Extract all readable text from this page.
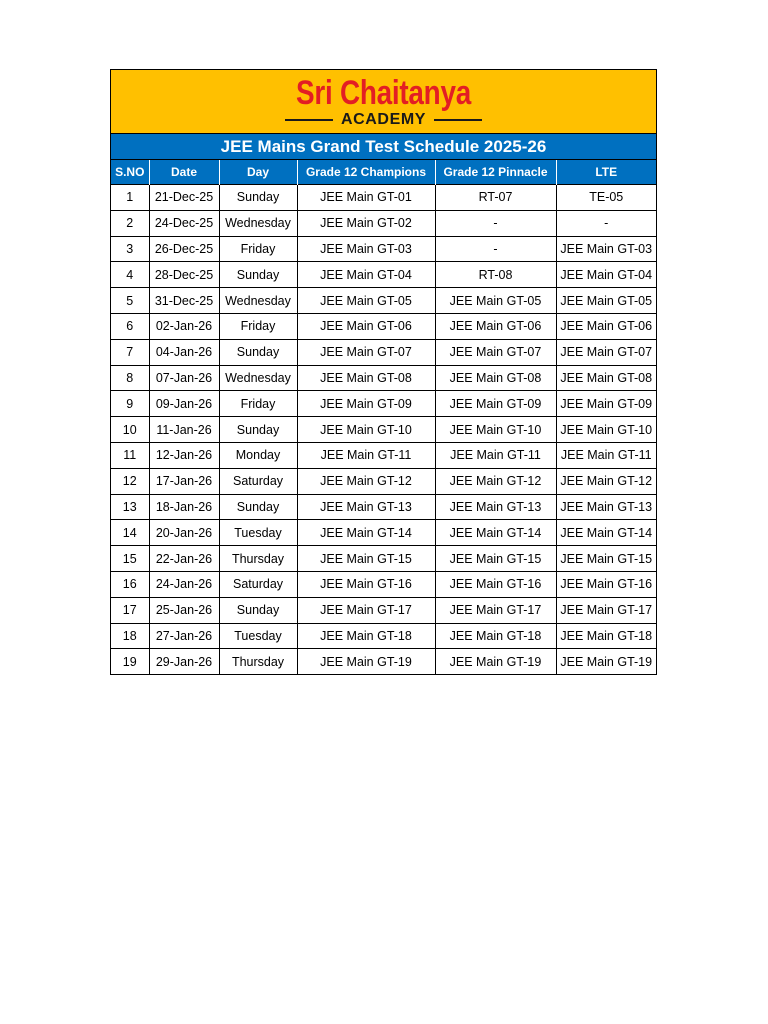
Sri Chaitanya
ACADEMY
JEE Mains Grand Test Schedule 2025-26
S.NO	Date	Day	Grade 12 Champions	Grade 12 Pinnacle	LTE
1	21-Dec-25	Sunday	JEE Main GT-01	RT-07	TE-05
2	24-Dec-25	Wednesday	JEE Main GT-02	-	-
3	26-Dec-25	Friday	JEE Main GT-03	-	JEE Main GT-03
4	28-Dec-25	Sunday	JEE Main GT-04	RT-08	JEE Main GT-04
5	31-Dec-25	Wednesday	JEE Main GT-05	JEE Main GT-05	JEE Main GT-05
6	02-Jan-26	Friday	JEE Main GT-06	JEE Main GT-06	JEE Main GT-06
7	04-Jan-26	Sunday	JEE Main GT-07	JEE Main GT-07	JEE Main GT-07
8	07-Jan-26	Wednesday	JEE Main GT-08	JEE Main GT-08	JEE Main GT-08
9	09-Jan-26	Friday	JEE Main GT-09	JEE Main GT-09	JEE Main GT-09
10	11-Jan-26	Sunday	JEE Main GT-10	JEE Main GT-10	JEE Main GT-10
11	12-Jan-26	Monday	JEE Main GT-11	JEE Main GT-11	JEE Main GT-11
12	17-Jan-26	Saturday	JEE Main GT-12	JEE Main GT-12	JEE Main GT-12
13	18-Jan-26	Sunday	JEE Main GT-13	JEE Main GT-13	JEE Main GT-13
14	20-Jan-26	Tuesday	JEE Main GT-14	JEE Main GT-14	JEE Main GT-14
15	22-Jan-26	Thursday	JEE Main GT-15	JEE Main GT-15	JEE Main GT-15
16	24-Jan-26	Saturday	JEE Main GT-16	JEE Main GT-16	JEE Main GT-16
17	25-Jan-26	Sunday	JEE Main GT-17	JEE Main GT-17	JEE Main GT-17
18	27-Jan-26	Tuesday	JEE Main GT-18	JEE Main GT-18	JEE Main GT-18
19	29-Jan-26	Thursday	JEE Main GT-19	JEE Main GT-19	JEE Main GT-19
